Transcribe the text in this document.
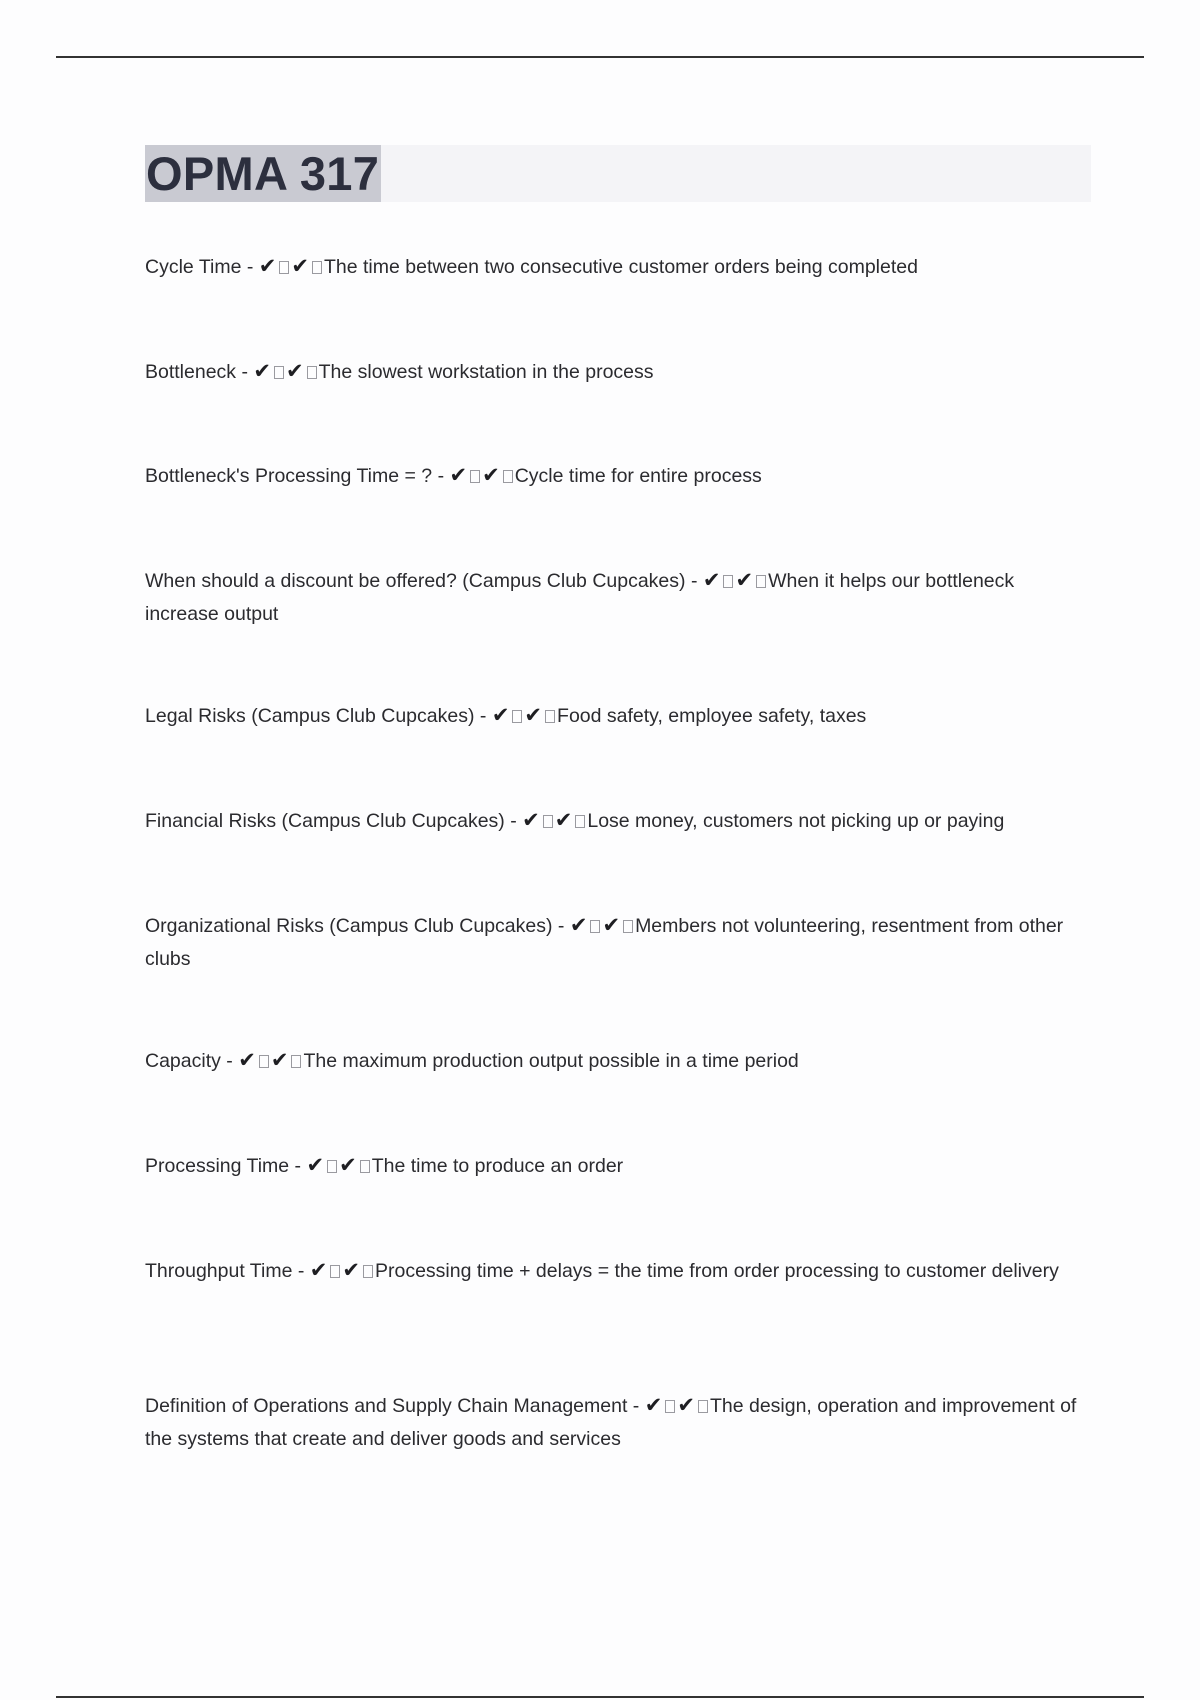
OPMA 317
Cycle Time - ✔ ✔ The time between two consecutive customer orders being completed
Bottleneck - ✔ ✔ The slowest workstation in the process
Bottleneck's Processing Time = ? - ✔ ✔ Cycle time for entire process
When should a discount be offered? (Campus Club Cupcakes) - ✔ ✔ When it helps our bottleneck increase output
Legal Risks (Campus Club Cupcakes) - ✔ ✔ Food safety, employee safety, taxes
Financial Risks (Campus Club Cupcakes) - ✔ ✔ Lose money, customers not picking up or paying
Organizational Risks (Campus Club Cupcakes) - ✔ ✔ Members not volunteering, resentment from other clubs
Capacity - ✔ ✔ The maximum production output possible in a time period
Processing Time - ✔ ✔ The time to produce an order
Throughput Time - ✔ ✔ Processing time + delays = the time from order processing to customer delivery
Definition of Operations and Supply Chain Management - ✔ ✔ The design, operation and improvement of the systems that create and deliver goods and services
